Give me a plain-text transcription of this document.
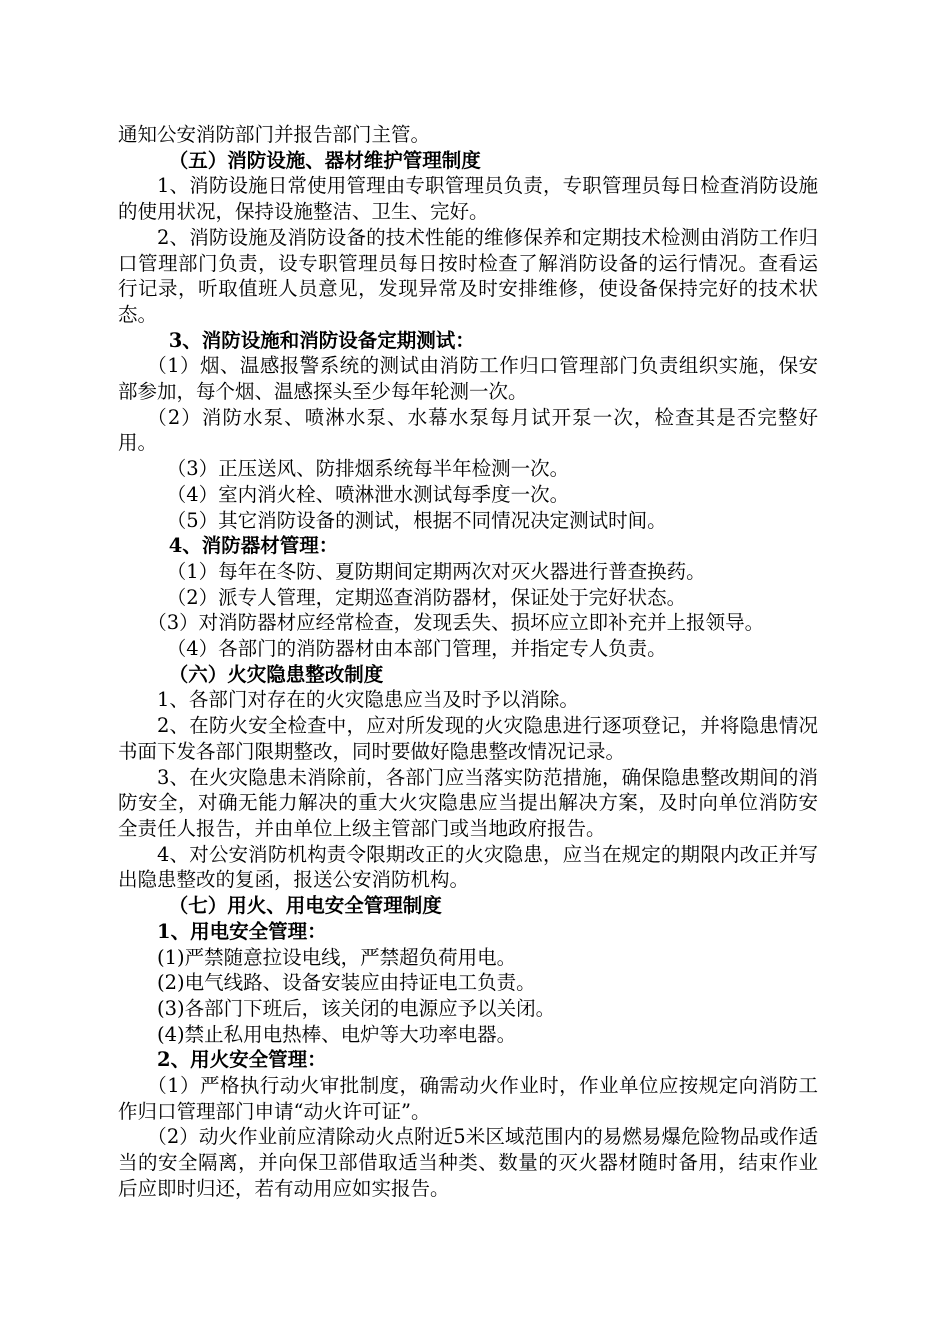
通知公安消防部门并报告部门主管。

（五）消防设施、器材维护管理制度

1、消防设施日常使用管理由专职管理员负责，专职管理员每日检查消防设施的使用状况，保持设施整洁、卫生、完好。

2、消防设施及消防设备的技术性能的维修保养和定期技术检测由消防工作归口管理部门负责，设专职管理员每日按时检查了解消防设备的运行情况。查看运行记录，听取值班人员意见，发现异常及时安排维修，使设备保持完好的技术状态。

3、消防设施和消防设备定期测试：

（1）烟、温感报警系统的测试由消防工作归口管理部门负责组织实施，保安部参加，每个烟、温感探头至少每年轮测一次。

（2）消防水泵、喷淋水泵、水幕水泵每月试开泵一次，检查其是否完整好用。

（3）正压送风、防排烟系统每半年检测一次。

（4）室内消火栓、喷淋泄水测试每季度一次。

（5）其它消防设备的测试，根据不同情况决定测试时间。

4、消防器材管理：

（1）每年在冬防、夏防期间定期两次对灭火器进行普查换药。

（2）派专人管理，定期巡查消防器材，保证处于完好状态。

（3）对消防器材应经常检查，发现丢失、损坏应立即补充并上报领导。

（4）各部门的消防器材由本部门管理，并指定专人负责。

（六）火灾隐患整改制度

1、各部门对存在的火灾隐患应当及时予以消除。

2、在防火安全检查中，应对所发现的火灾隐患进行逐项登记，并将隐患情况书面下发各部门限期整改，同时要做好隐患整改情况记录。

3、在火灾隐患未消除前，各部门应当落实防范措施，确保隐患整改期间的消防安全，对确无能力解决的重大火灾隐患应当提出解决方案，及时向单位消防安全责任人报告，并由单位上级主管部门或当地政府报告。

4、对公安消防机构责令限期改正的火灾隐患，应当在规定的期限内改正并写出隐患整改的复函，报送公安消防机构。

（七）用火、用电安全管理制度

1、用电安全管理：

(1)严禁随意拉设电线，严禁超负荷用电。

(2)电气线路、设备安装应由持证电工负责。

(3)各部门下班后，该关闭的电源应予以关闭。

(4)禁止私用电热棒、电炉等大功率电器。

2、用火安全管理：

（1）严格执行动火审批制度，确需动火作业时，作业单位应按规定向消防工作归口管理部门申请“动火许可证”。

（2）动火作业前应清除动火点附近5米区域范围内的易燃易爆危险物品或作适当的安全隔离，并向保卫部借取适当种类、数量的灭火器材随时备用，结束作业后应即时归还，若有动用应如实报告。
